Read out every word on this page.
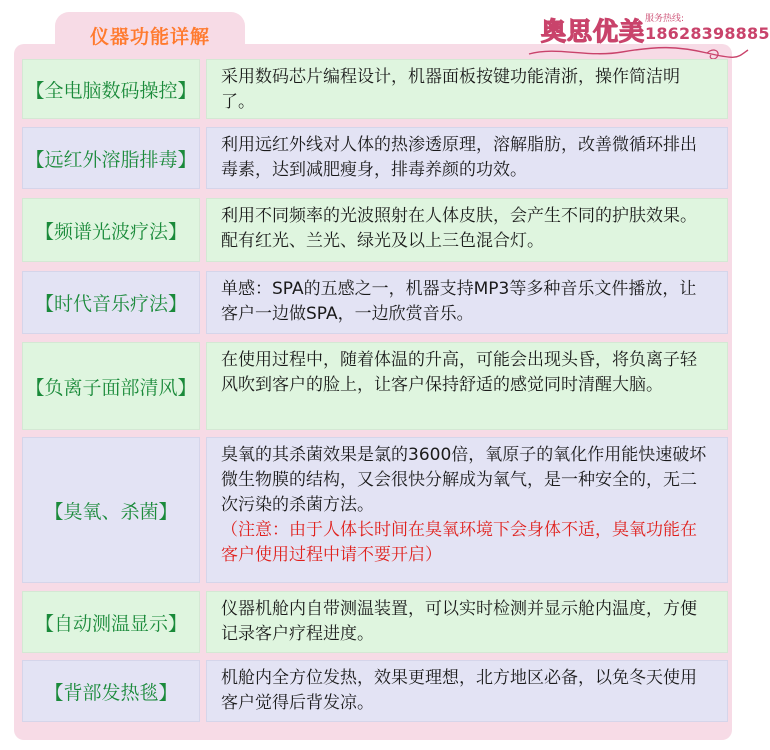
仪器功能详解	奥思优美 服务热线:
18628398885
【全电脑数码操控】

采用数码芯片编程设计，机器面板按键功能清浙，操作简洁明了。

【远红外溶脂排毒】

利用远红外线对人体的热渗透原理，溶解脂肪，改善微循环排出毒素，达到减肥瘦身，排毒养颜的功效。

【频谱光波疗法】

利用不同频率的光波照射在人体皮肤，会产生不同的护肤效果。配有红光、兰光、绿光及以上三色混合灯。

【时代音乐疗法】

单感：SPA的五感之一，机器支持MP3等多种音乐文件播放，让客户一边做SPA，一边欣赏音乐。

【负离子面部清风】

在使用过程中，随着体温的升高，可能会出现头昏，将负离子轻风吹到客户的脸上，让客户保持舒适的感觉同时清醒大脑。

【臭氧、杀菌】

臭氧的其杀菌效果是氯的3600倍，氧原子的氧化作用能快速破坏微生物膜的结构，又会很快分解成为氧气，是一种安全的，无二次污染的杀菌方法。

（注意：由于人体长时间在臭氧环境下会身体不适，臭氧功能在客户使用过程中请不要开启）

【自动测温显示】

仪器机舱内自带测温装置，可以实时检测并显示舱内温度，方便记录客户疗程进度。

【背部发热毯】

机舱内全方位发热，效果更理想，北方地区必备，以免冬天使用客户觉得后背发凉。
